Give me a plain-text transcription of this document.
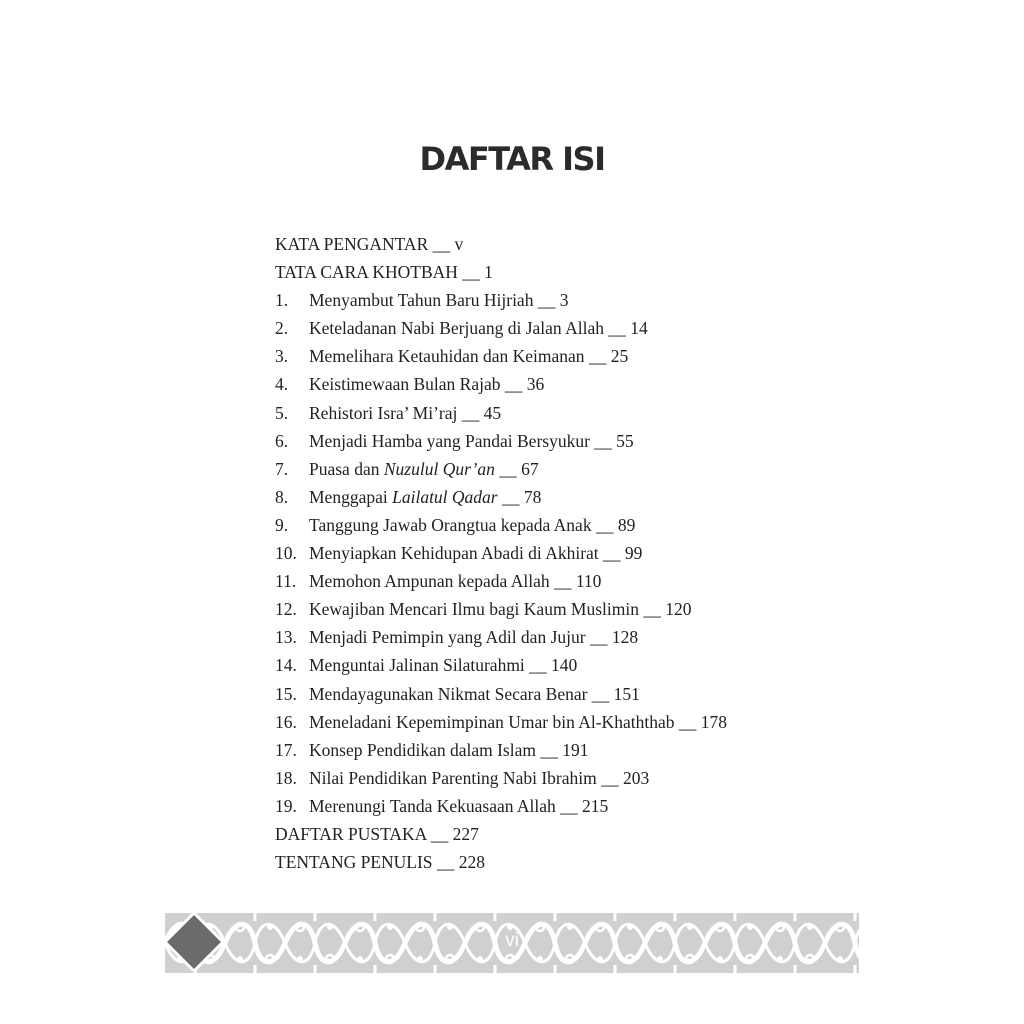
DAFTAR ISI
KATA PENGANTAR __ v
TATA CARA KHOTBAH __ 1
1.	Menyambut Tahun Baru Hijriah __ 3
2.	Keteladanan Nabi Berjuang di Jalan Allah __ 14
3.	Memelihara Ketauhidan dan Keimanan __ 25
4.	Keistimewaan Bulan Rajab __ 36
5.	Rehistori Isra’ Mi’raj __ 45
6.	Menjadi Hamba yang Pandai Bersyukur __ 55
7.	Puasa dan Nuzulul Qur’an __ 67
8.	Menggapai Lailatul Qadar __ 78
9.	Tanggung Jawab Orangtua kepada Anak __ 89
10. Menyiapkan Kehidupan Abadi di Akhirat __ 99
11. Memohon Ampunan kepada Allah __ 110
12. Kewajiban Mencari Ilmu bagi Kaum Muslimin __ 120
13. Menjadi Pemimpin yang Adil dan Jujur __ 128
14. Menguntai Jalinan Silaturahmi __ 140
15. Mendayagunakan Nikmat Secara Benar __ 151
16. Meneladani Kepemimpinan Umar bin Al-Khaththab __ 178
17. Konsep Pendidikan dalam Islam __ 191
18. Nilai Pendidikan Parenting Nabi Ibrahim __ 203
19. Merenungi Tanda Kekuasaan Allah __ 215
DAFTAR PUSTAKA __ 227
TENTANG PENULIS __ 228
vi
